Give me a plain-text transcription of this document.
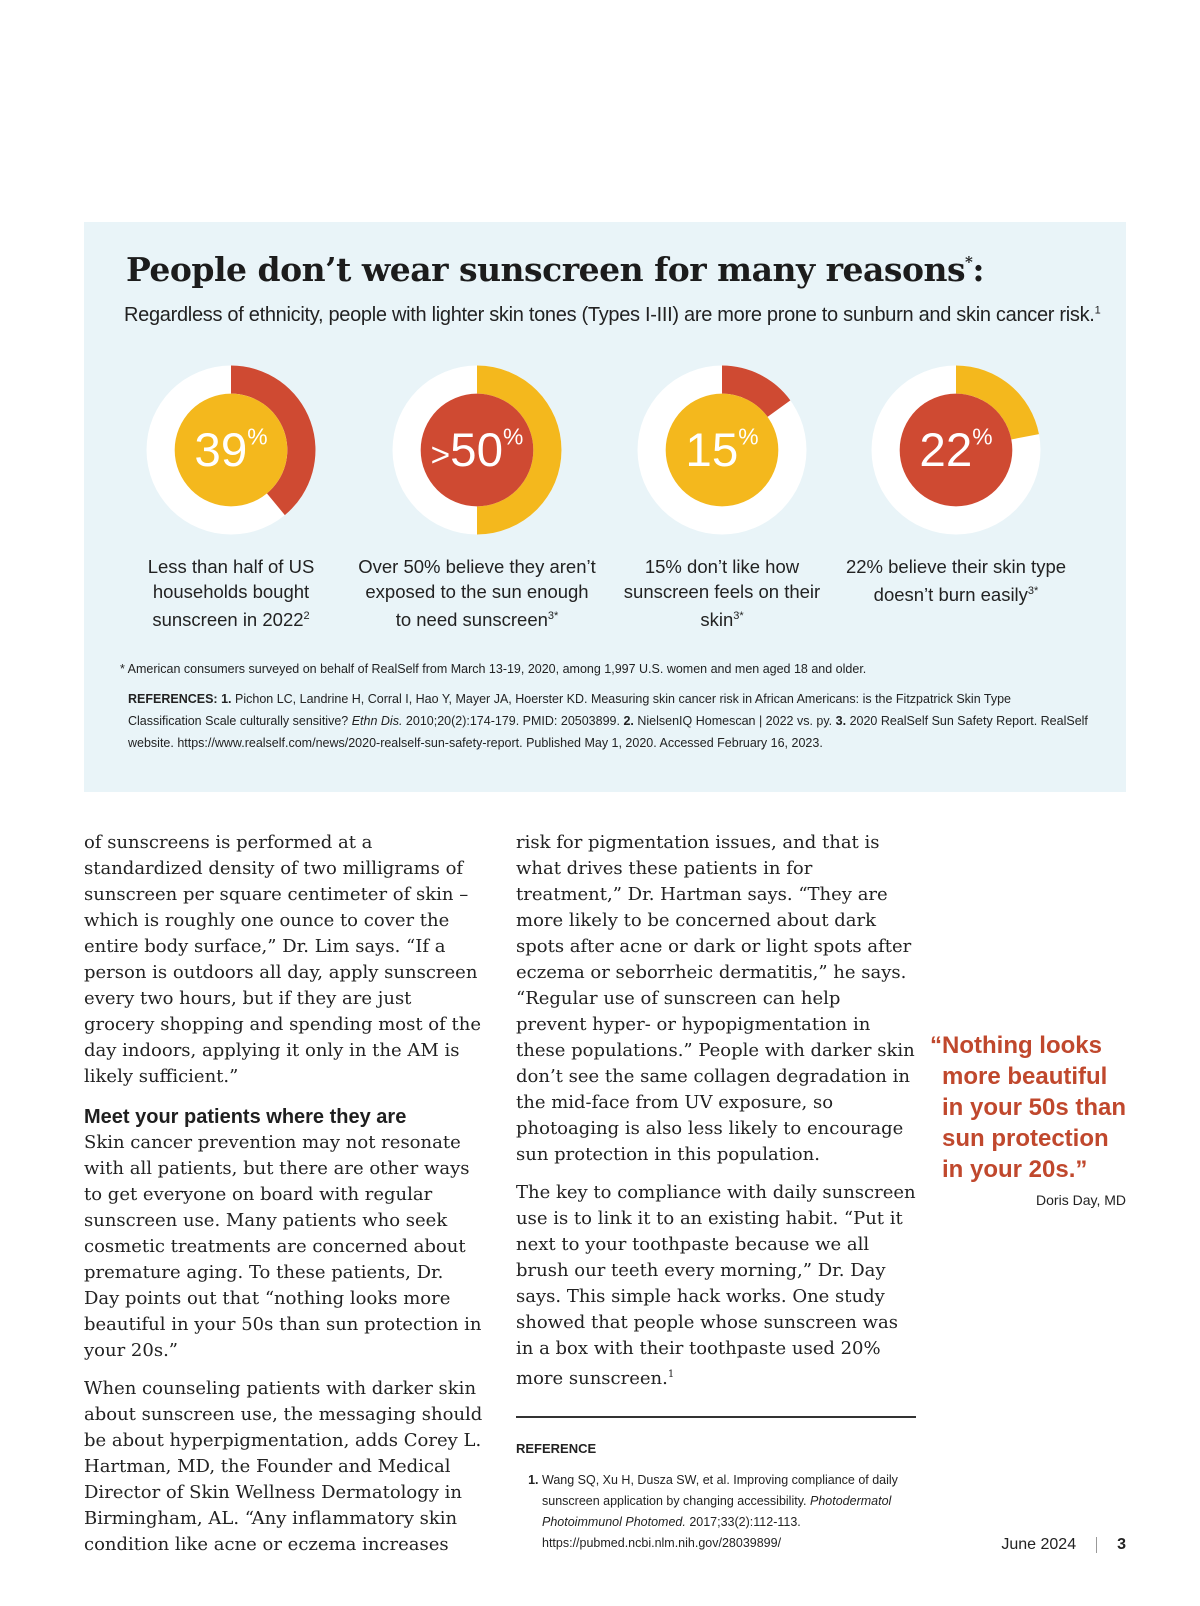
People don’t wear sunscreen for many reasons*:

Regardless of ethnicity, people with lighter skin tones (Types I-III) are more prone to sunburn and skin cancer risk.$^1$

39%

Less than half of US households bought sunscreen in 2022$^2$

>50%

Over 50% believe they aren’t exposed to the sun enough to need sunscreen$^{3*}$

15%

15% don’t like how sunscreen feels on their skin$^{3*}$

22%

22% believe their skin type doesn’t burn easily$^{3*}$

* American consumers surveyed on behalf of RealSelf from March 13-19, 2020, among 1,997 U.S. women and men aged 18 and older.

REFERENCES: 1. Pichon LC, Landrine H, Corral I, Hao Y, Mayer JA, Hoerster KD. Measuring skin cancer risk in African Americans: is the Fitzpatrick Skin Type Classification Scale culturally sensitive? Ethn Dis. 2010;20(2):174-179. PMID: 20503899. 2. NielsenIQ Homescan | 2022 vs. py. 3. 2020 RealSelf Sun Safety Report. RealSelf website. https://www.realself.com/news/2020-realself-sun-safety-report. Published May 1, 2020. Accessed February 16, 2023.

of sunscreens is performed at a standardized density of two milligrams of sunscreen per square centimeter of skin – which is roughly one ounce to cover the entire body surface,” Dr. Lim says. “If a person is outdoors all day, apply sunscreen every two hours, but if they are just grocery shopping and spending most of the day indoors, applying it only in the AM is likely sufficient.”

Meet your patients where they are

Skin cancer prevention may not resonate with all patients, but there are other ways to get everyone on board with regular sunscreen use. Many patients who seek cosmetic treatments are concerned about premature aging. To these patients, Dr. Day points out that “nothing looks more beautiful in your 50s than sun protection in your 20s.”

When counseling patients with darker skin about sunscreen use, the messaging should be about hyperpigmentation, adds Corey L. Hartman, MD, the Founder and Medical Director of Skin Wellness Dermatology in Birmingham, AL. “Any inflammatory skin condition like acne or eczema increases

risk for pigmentation issues, and that is what drives these patients in for treatment,” Dr. Hartman says. “They are more likely to be concerned about dark spots after acne or dark or light spots after eczema or seborrheic dermatitis,” he says. “Regular use of sunscreen can help prevent hyper- or hypopigmentation in these populations.” People with darker skin don’t see the same collagen degradation in the mid-face from UV exposure, so photoaging is also less likely to encourage sun protection in this population.

The key to compliance with daily sunscreen use is to link it to an existing habit. “Put it next to your toothpaste because we all brush our teeth every morning,” Dr. Day says. This simple hack works. One study showed that people whose sunscreen was in a box with their toothpaste used 20% more sunscreen.$^1$

REFERENCE
1. Wang SQ, Xu H, Dusza SW, et al. Improving compliance of daily sunscreen application by changing accessibility. Photodermatol Photoimmunol Photomed. 2017;33(2):112-113. https://pubmed.ncbi.nlm.nih.gov/28039899/

“Nothing looks
more beautiful
in your 50s than
sun protection
in your 20s.”

Doris Day, MD

June 2024	3
